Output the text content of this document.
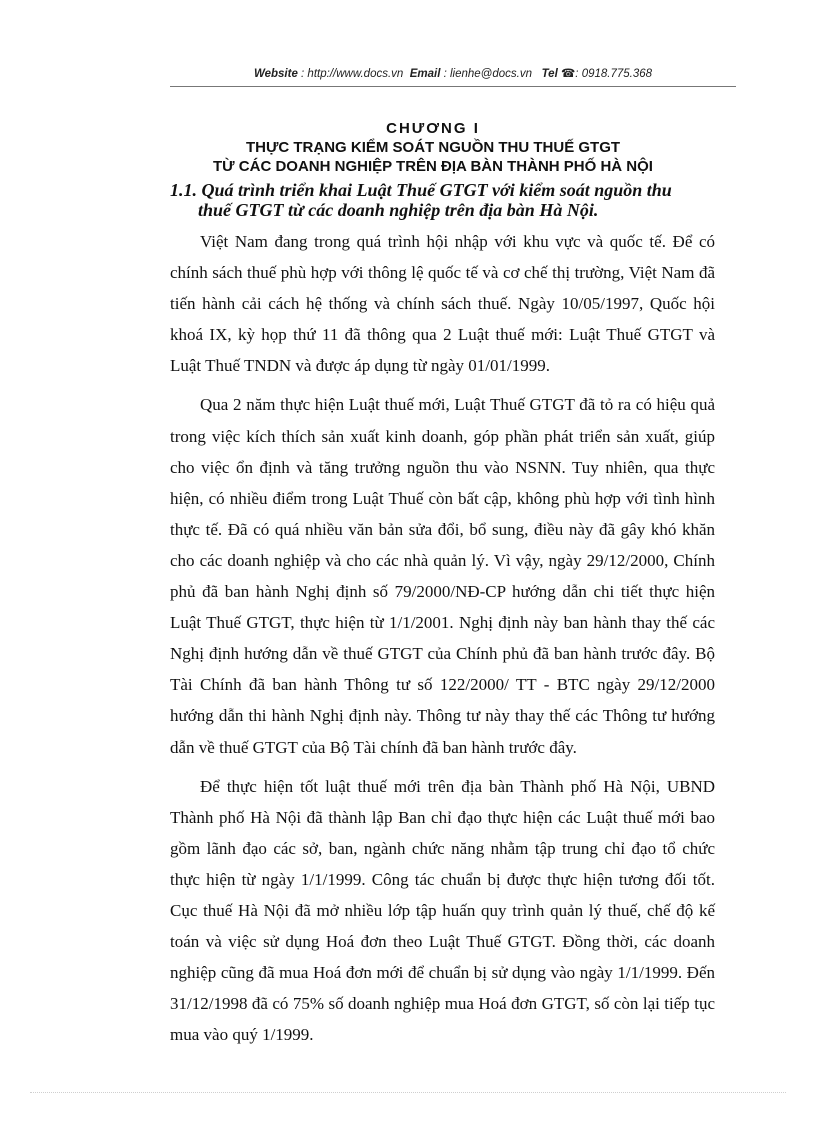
Website : http://www.docs.vn Email : lienhe@docs.vn Tel ☎: 0918.775.368
CHƯƠNG I
THỰC TRẠNG KIỂM SOÁT NGUỒN THU THUẾ GTGT
TỪ CÁC DOANH NGHIỆP TRÊN ĐỊA BÀN THÀNH PHỐ HÀ NỘI
1.1. Quá trình triển khai Luật Thuế GTGT với kiểm soát nguồn thu
thuế GTGT từ các doanh nghiệp trên địa bàn Hà Nội.

Việt Nam đang trong quá trình hội nhập với khu vực và quốc tế. Để có chính sách thuế phù hợp với thông lệ quốc tế và cơ chế thị trường, Việt Nam đã tiến hành cải cách hệ thống và chính sách thuế. Ngày 10/05/1997, Quốc hội khoá IX, kỳ họp thứ 11 đã thông qua 2 Luật thuế mới: Luật Thuế GTGT và Luật Thuế TNDN và được áp dụng từ ngày 01/01/1999.

Qua 2 năm thực hiện Luật thuế mới, Luật Thuế GTGT đã tỏ ra có hiệu quả trong việc kích thích sản xuất kinh doanh, góp phần phát triển sản xuất, giúp cho việc ổn định và tăng trưởng nguồn thu vào NSNN. Tuy nhiên, qua thực hiện, có nhiều điểm trong Luật Thuế còn bất cập, không phù hợp với tình hình thực tế. Đã có quá nhiều văn bản sửa đổi, bổ sung, điều này đã gây khó khăn cho các doanh nghiệp và cho các nhà quản lý. Vì vậy, ngày 29/12/2000, Chính phủ đã ban hành Nghị định số 79/2000/NĐ-CP hướng dẫn chi tiết thực hiện Luật Thuế GTGT, thực hiện từ 1/1/2001. Nghị định này ban hành thay thế các Nghị định hướng dẫn về thuế GTGT của Chính phủ đã ban hành trước đây. Bộ Tài Chính đã ban hành Thông tư số 122/2000/ TT - BTC ngày 29/12/2000 hướng dẫn thi hành Nghị định này. Thông tư này thay thế các Thông tư hướng dẫn về thuế GTGT của Bộ Tài chính đã ban hành trước đây.

Để thực hiện tốt luật thuế mới trên địa bàn Thành phố Hà Nội, UBND Thành phố Hà Nội đã thành lập Ban chỉ đạo thực hiện các Luật thuế mới bao gồm lãnh đạo các sở, ban, ngành chức năng nhằm tập trung chỉ đạo tổ chức thực hiện từ ngày 1/1/1999. Công tác chuẩn bị được thực hiện tương đối tốt. Cục thuế Hà Nội đã mở nhiều lớp tập huấn quy trình quản lý thuế, chế độ kế toán và việc sử dụng Hoá đơn theo Luật Thuế GTGT. Đồng thời, các doanh nghiệp cũng đã mua Hoá đơn mới để chuẩn bị sử dụng vào ngày 1/1/1999. Đến 31/12/1998 đã có 75% số doanh nghiệp mua Hoá đơn GTGT, số còn lại tiếp tục mua vào quý 1/1999.
